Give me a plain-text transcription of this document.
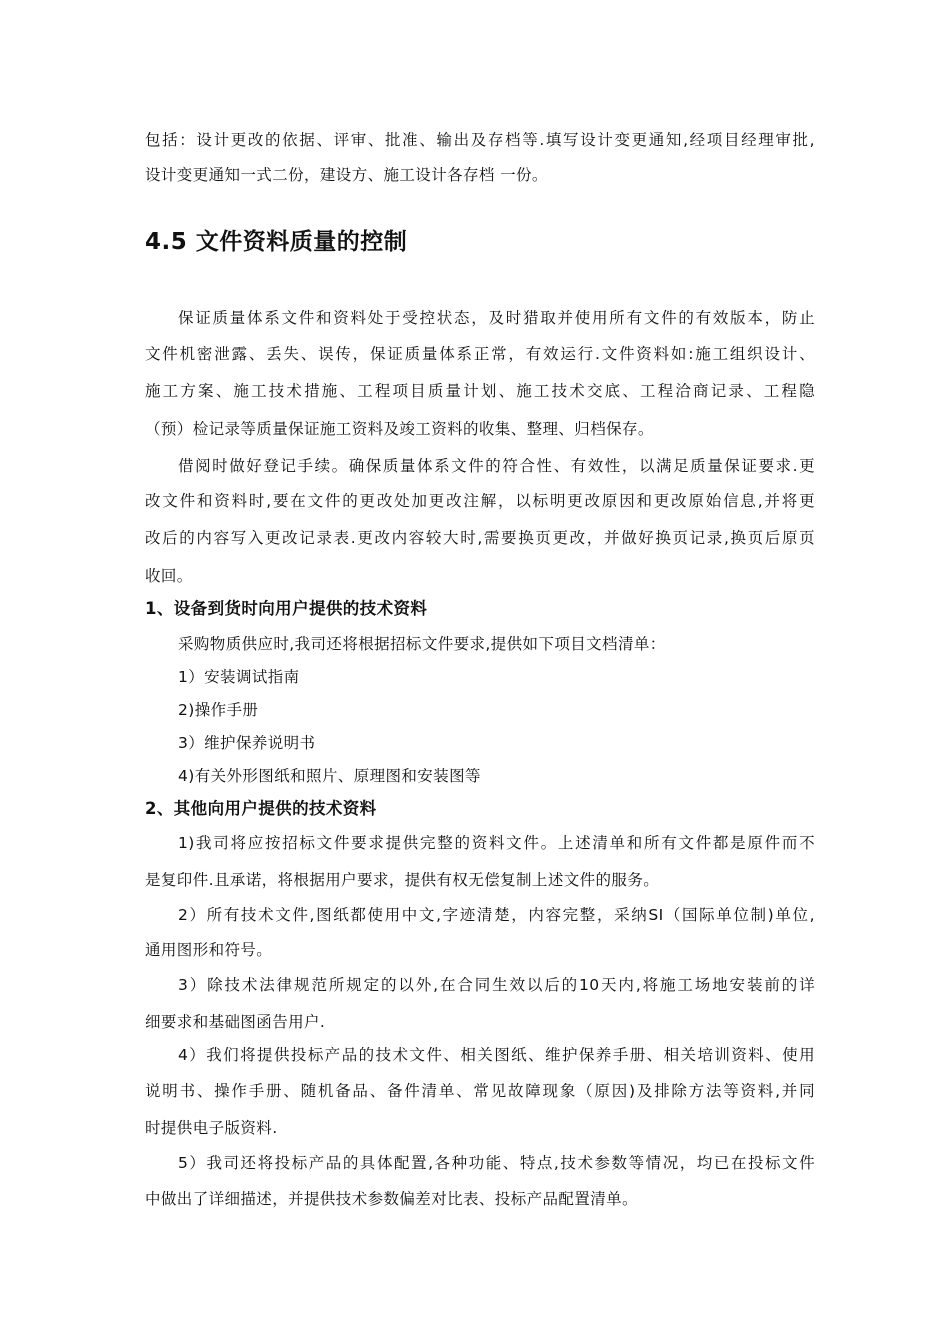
包括：设计更改的依据、评审、批准、输出及存档等.填写设计变更通知,经项目经理审批,
设计变更通知一式二份，建设方、施工设计各存档 一份。
4.5 文件资料质量的控制
保证质量体系文件和资料处于受控状态，及时猎取并使用所有文件的有效版本，防止
文件机密泄露、丢失、误传，保证质量体系正常，有效运行.文件资料如:施工组织设计、
施工方案、施工技术措施、工程项目质量计划、施工技术交底、工程洽商记录、工程隐
（预）检记录等质量保证施工资料及竣工资料的收集、整理、归档保存。
借阅时做好登记手续。确保质量体系文件的符合性、有效性，以满足质量保证要求.更
改文件和资料时,要在文件的更改处加更改注解，以标明更改原因和更改原始信息,并将更
改后的内容写入更改记录表.更改内容较大时,需要换页更改，并做好换页记录,换页后原页
收回。
1、设备到货时向用户提供的技术资料
采购物质供应时,我司还将根据招标文件要求,提供如下项目文档清单：
1）安装调试指南
2)操作手册
3）维护保养说明书
4)有关外形图纸和照片、原理图和安装图等
2、其他向用户提供的技术资料
1)我司将应按招标文件要求提供完整的资料文件。上述清单和所有文件都是原件而不
是复印件.且承诺，将根据用户要求，提供有权无偿复制上述文件的服务。
2）所有技术文件,图纸都使用中文,字迹清楚，内容完整，采纳SI（国际单位制)单位,
通用图形和符号。
3）除技术法律规范所规定的以外,在合同生效以后的10天内,将施工场地安装前的详
细要求和基础图函告用户.
4）我们将提供投标产品的技术文件、相关图纸、维护保养手册、相关培训资料、使用
说明书、操作手册、随机备品、备件清单、常见故障现象（原因)及排除方法等资料,并同
时提供电子版资料.
5）我司还将投标产品的具体配置,各种功能、特点,技术参数等情况，均已在投标文件
中做出了详细描述，并提供技术参数偏差对比表、投标产品配置清单。
